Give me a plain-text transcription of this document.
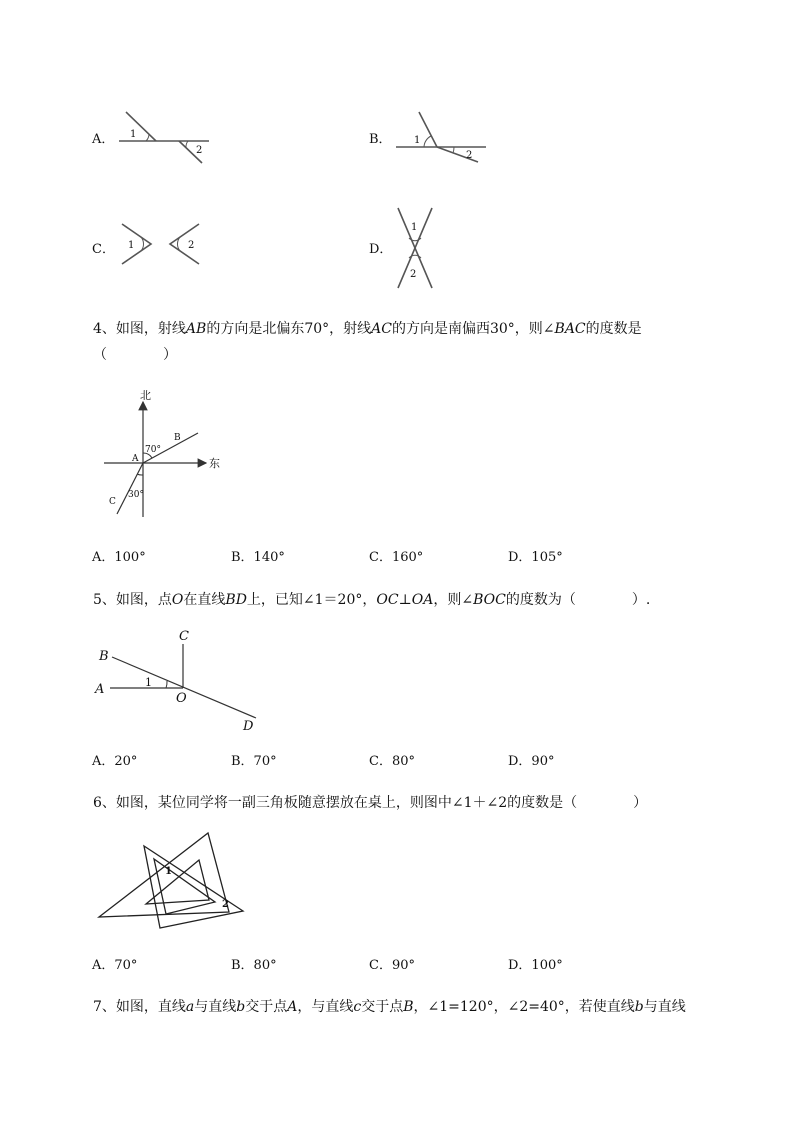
A． 1
2
1
2
1	2
1
2
B．
C．	D．
4、如图，射线AB的方向是北偏东70°，射线AC的方向是南偏西30°，则∠BAC的度数是
（　　　　）
北
东
A
B
C
70°
30°
A．100°	B．140°	C．160°	D．105°
5、如图，点O在直线BD上，已知∠1＝20°，OC⊥OA，则∠BOC的度数为（　　　　）.
A
B
C
D
O
1
A．20°	B．70°	C．80°	D．90°
6、如图，某位同学将一副三角板随意摆放在桌上，则图中∠1＋∠2的度数是（　　　　）
1
2
A．70°	B．80°	C．90°	D．100°
7、如图，直线a与直线b交于点A，与直线c交于点B，∠1=120°，∠2=40°，若使直线b与直线
